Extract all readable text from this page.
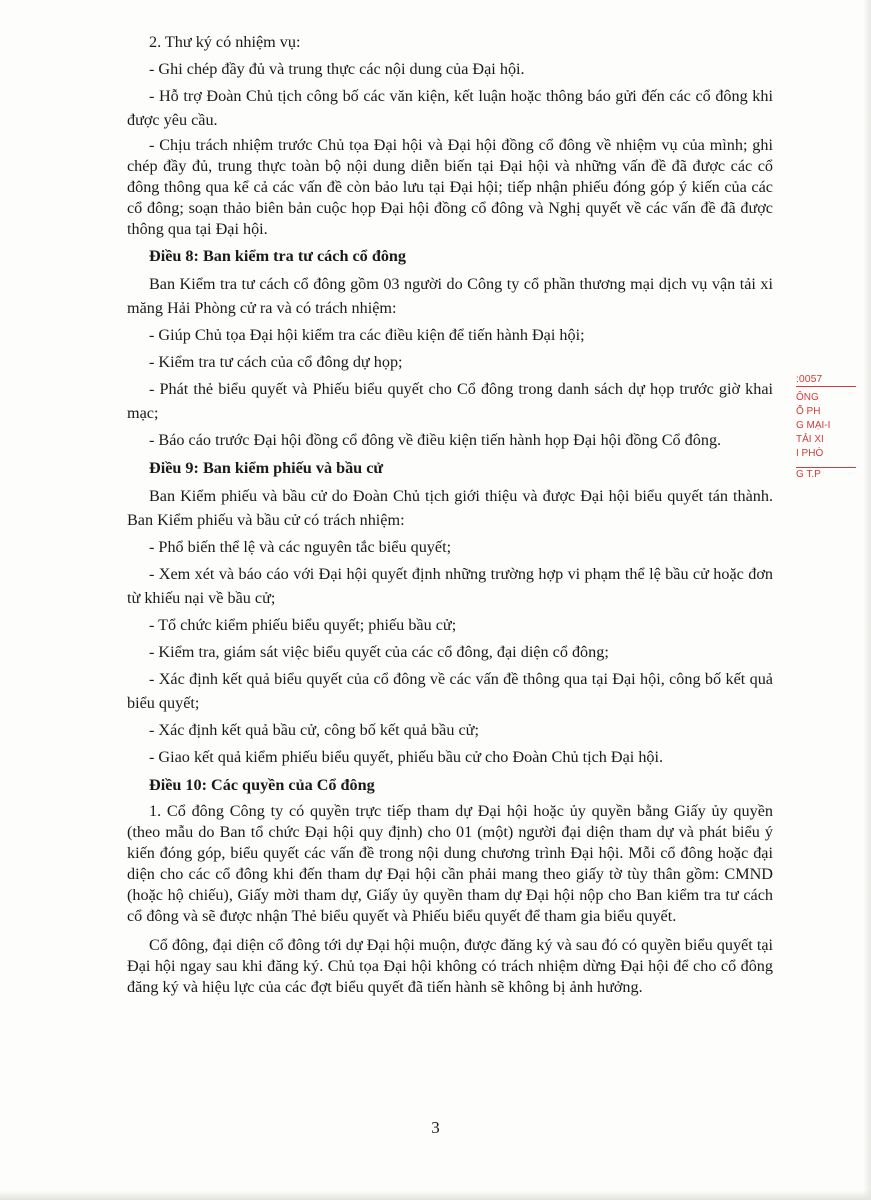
2. Thư ký có nhiệm vụ:

- Ghi chép đầy đủ và trung thực các nội dung của Đại hội.

- Hỗ trợ Đoàn Chủ tịch công bố các văn kiện, kết luận hoặc thông báo gửi đến các cổ đông khi được yêu cầu.

- Chịu trách nhiệm trước Chủ tọa Đại hội và Đại hội đồng cổ đông về nhiệm vụ của mình; ghi chép đầy đủ, trung thực toàn bộ nội dung diễn biến tại Đại hội và những vấn đề đã được các cổ đông thông qua kể cả các vấn đề còn bảo lưu tại Đại hội; tiếp nhận phiếu đóng góp ý kiến của các cổ đông; soạn thảo biên bản cuộc họp Đại hội đồng cổ đông và Nghị quyết về các vấn đề đã được thông qua tại Đại hội.

Điều 8: Ban kiểm tra tư cách cổ đông

Ban Kiểm tra tư cách cổ đông gồm 03 người do Công ty cổ phần thương mại dịch vụ vận tải xi măng Hải Phòng cử ra và có trách nhiệm:

- Giúp Chủ tọa Đại hội kiểm tra các điều kiện để tiến hành Đại hội;

- Kiểm tra tư cách của cổ đông dự họp;

- Phát thẻ biểu quyết và Phiếu biểu quyết cho Cổ đông trong danh sách dự họp trước giờ khai mạc;

- Báo cáo trước Đại hội đồng cổ đông về điều kiện tiến hành họp Đại hội đồng Cổ đông.

Điều 9: Ban kiểm phiếu và bầu cử

Ban Kiểm phiếu và bầu cử do Đoàn Chủ tịch giới thiệu và được Đại hội biểu quyết tán thành. Ban Kiểm phiếu và bầu cử có trách nhiệm:

- Phổ biến thể lệ và các nguyên tắc biểu quyết;

- Xem xét và báo cáo với Đại hội quyết định những trường hợp vi phạm thể lệ bầu cử hoặc đơn từ khiếu nại về bầu cử;

- Tổ chức kiểm phiếu biểu quyết; phiếu bầu cử;

- Kiểm tra, giám sát việc biểu quyết của các cổ đông, đại diện cổ đông;

- Xác định kết quả biểu quyết của cổ đông về các vấn đề thông qua tại Đại hội, công bố kết quả biểu quyết;

- Xác định kết quả bầu cử, công bố kết quả bầu cử;

- Giao kết quả kiểm phiếu biểu quyết, phiếu bầu cử cho Đoàn Chủ tịch Đại hội.

Điều 10: Các quyền của Cổ đông

1. Cổ đông Công ty có quyền trực tiếp tham dự Đại hội hoặc ủy quyền bằng Giấy ủy quyền (theo mẫu do Ban tổ chức Đại hội quy định) cho 01 (một) người đại diện tham dự và phát biểu ý kiến đóng góp, biểu quyết các vấn đề trong nội dung chương trình Đại hội. Mỗi cổ đông hoặc đại diện cho các cổ đông khi đến tham dự Đại hội cần phải mang theo giấy tờ tùy thân gồm: CMND (hoặc hộ chiếu), Giấy mời tham dự, Giấy ủy quyền tham dự Đại hội nộp cho Ban kiểm tra tư cách cổ đông và sẽ được nhận Thẻ biểu quyết và Phiếu biểu quyết để tham gia biểu quyết.

Cổ đông, đại diện cổ đông tới dự Đại hội muộn, được đăng ký và sau đó có quyền biểu quyết tại Đại hội ngay sau khi đăng ký. Chủ tọa Đại hội không có trách nhiệm dừng Đại hội để cho cổ đông đăng ký và hiệu lực của các đợt biểu quyết đã tiến hành sẽ không bị ảnh hưởng.

3
:0057
ÔNG
Ổ PH
G MẠI-I
TẢI XI
I PHÒ
G T.P
